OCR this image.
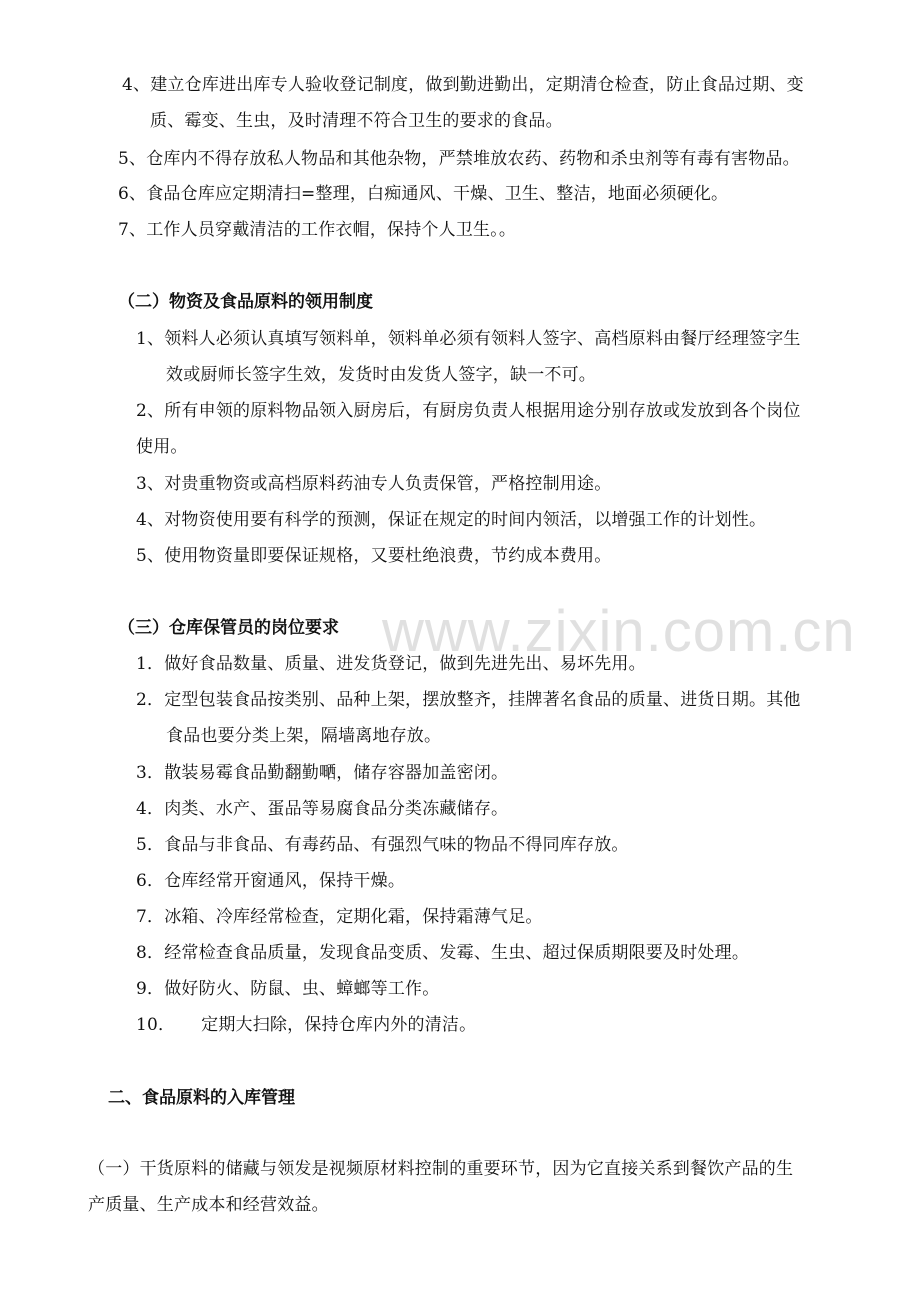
www.zixin.com.cn
4、建立仓库进出库专人验收登记制度，做到勤进勤出，定期清仓检查，防止食品过期、变
质、霉变、生虫，及时清理不符合卫生的要求的食品。
5、仓库内不得存放私人物品和其他杂物，严禁堆放农药、药物和杀虫剂等有毒有害物品。
6、食品仓库应定期清扫=整理，白痴通风、干燥、卫生、整洁，地面必须硬化。
7、工作人员穿戴清洁的工作衣帽，保持个人卫生。。
（二）物资及食品原料的领用制度
1、领料人必须认真填写领料单，领料单必须有领料人签字、高档原料由餐厅经理签字生
效或厨师长签字生效，发货时由发货人签字，缺一不可。
2、所有申领的原料物品领入厨房后，有厨房负责人根据用途分别存放或发放到各个岗位
使用。
3、对贵重物资或高档原料药油专人负责保管，严格控制用途。
4、对物资使用要有科学的预测，保证在规定的时间内领活，以增强工作的计划性。
5、使用物资量即要保证规格，又要杜绝浪费，节约成本费用。
（三）仓库保管员的岗位要求
1．做好食品数量、质量、进发货登记，做到先进先出、易坏先用。
2．定型包装食品按类别、品种上架，摆放整齐，挂牌著名食品的质量、进货日期。其他
食品也要分类上架，隔墙离地存放。
3．散装易霉食品勤翻勤嗮，储存容器加盖密闭。
4．肉类、水产、蛋品等易腐食品分类冻藏储存。
5．食品与非食品、有毒药品、有强烈气味的物品不得同库存放。
6．仓库经常开窗通风，保持干燥。
7．冰箱、冷库经常检查，定期化霜，保持霜薄气足。
8．经常检查食品质量，发现食品变质、发霉、生虫、超过保质期限要及时处理。
9．做好防火、防鼠、虫、蟑螂等工作。
10．　　定期大扫除，保持仓库内外的清洁。
二、食品原料的入库管理
（一）干货原料的储藏与领发是视频原材料控制的重要环节，因为它直接关系到餐饮产品的生
产质量、生产成本和经营效益。
